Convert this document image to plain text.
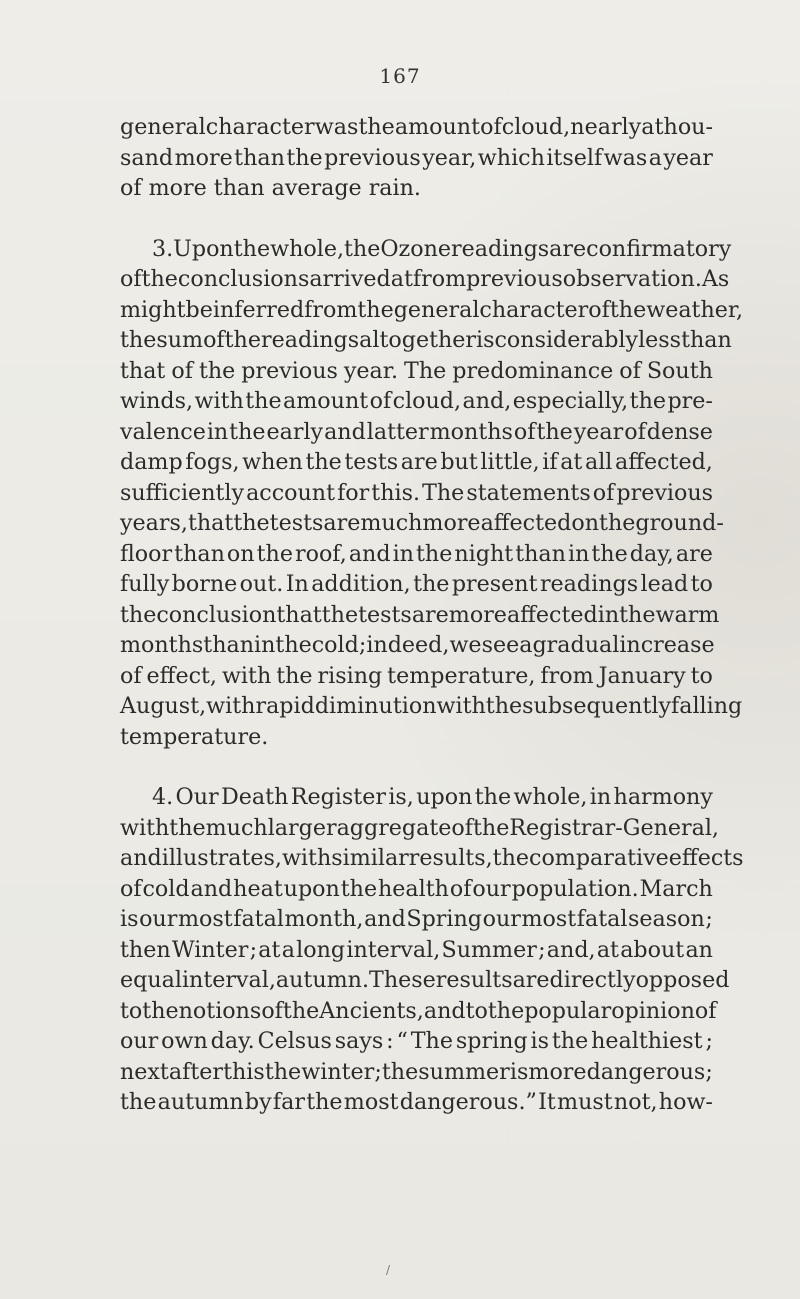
167
general character was the amount of cloud, nearly a thou-
sand more than the previous year, which itself was a year
of more than average rain.
3. Upon the whole, the Ozone readings are confirmatory
of the conclusions arrived at from previous observation. As
might be inferred from the general character of the weather,
the sum of the readings altogether is considerably less than
that of the previous year. The predominance of South
winds, with the amount of cloud, and, especially, the pre-
valence in the early and latter months of the year of dense
damp fogs, when the tests are but little, if at all affected,
sufficiently account for this. The statements of previous
years, that the tests are much more affected on the ground-
floor than on the roof, and in the night than in the day, are
fully borne out. In addition, the present readings lead to
the conclusion that the tests are more affected in the warm
months than in the cold ; indeed, we see a gradual increase
of effect, with the rising temperature, from January to
August, with rapid diminution with the subsequently falling
temperature.
4. Our Death Register is, upon the whole, in harmony
with the much larger aggregate of the Registrar-General,
and illustrates, with similar results, the comparative effects
of cold and heat upon the health of our population. March
is our most fatal month, and Spring our most fatal season ;
then Winter ; at a long interval, Summer ; and, at about an
equal interval, autumn. These results are directly opposed
to the notions of the Ancients, and to the popular opinion of
our own day. Celsus says : “ The spring is the healthiest ;
next after this the winter ; the summer is more dangerous ;
the autumn by far the most dangerous.” It must not, how-
/
